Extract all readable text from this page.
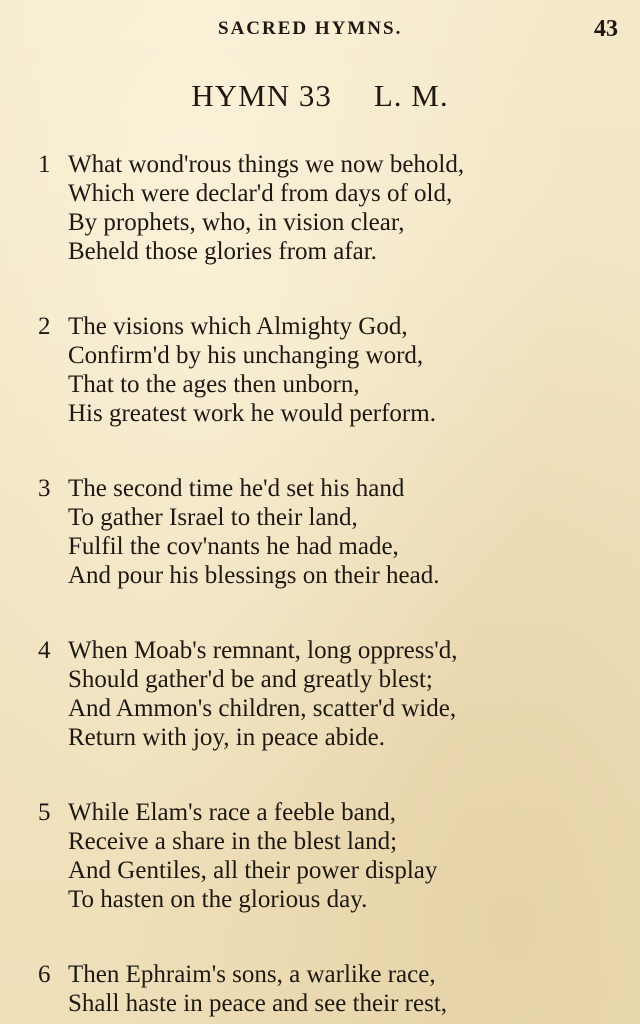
SACRED HYMNS.	43
HYMN 33 L. M.
1 What wond'rous things we now behold,
Which were declar'd from days of old,
By prophets, who, in vision clear,
Beheld those glories from afar.
2 The visions which Almighty God,
Confirm'd by his unchanging word,
That to the ages then unborn,
His greatest work he would perform.
3 The second time he'd set his hand
To gather Israel to their land,
Fulfil the cov'nants he had made,
And pour his blessings on their head.
4 When Moab's remnant, long oppress'd,
Should gather'd be and greatly blest;
And Ammon's children, scatter'd wide,
Return with joy, in peace abide.
5 While Elam's race a feeble band,
Receive a share in the blest land;
And Gentiles, all their power display
To hasten on the glorious day.
6 Then Ephraim's sons, a warlike race,
Shall haste in peace and see their rest,
